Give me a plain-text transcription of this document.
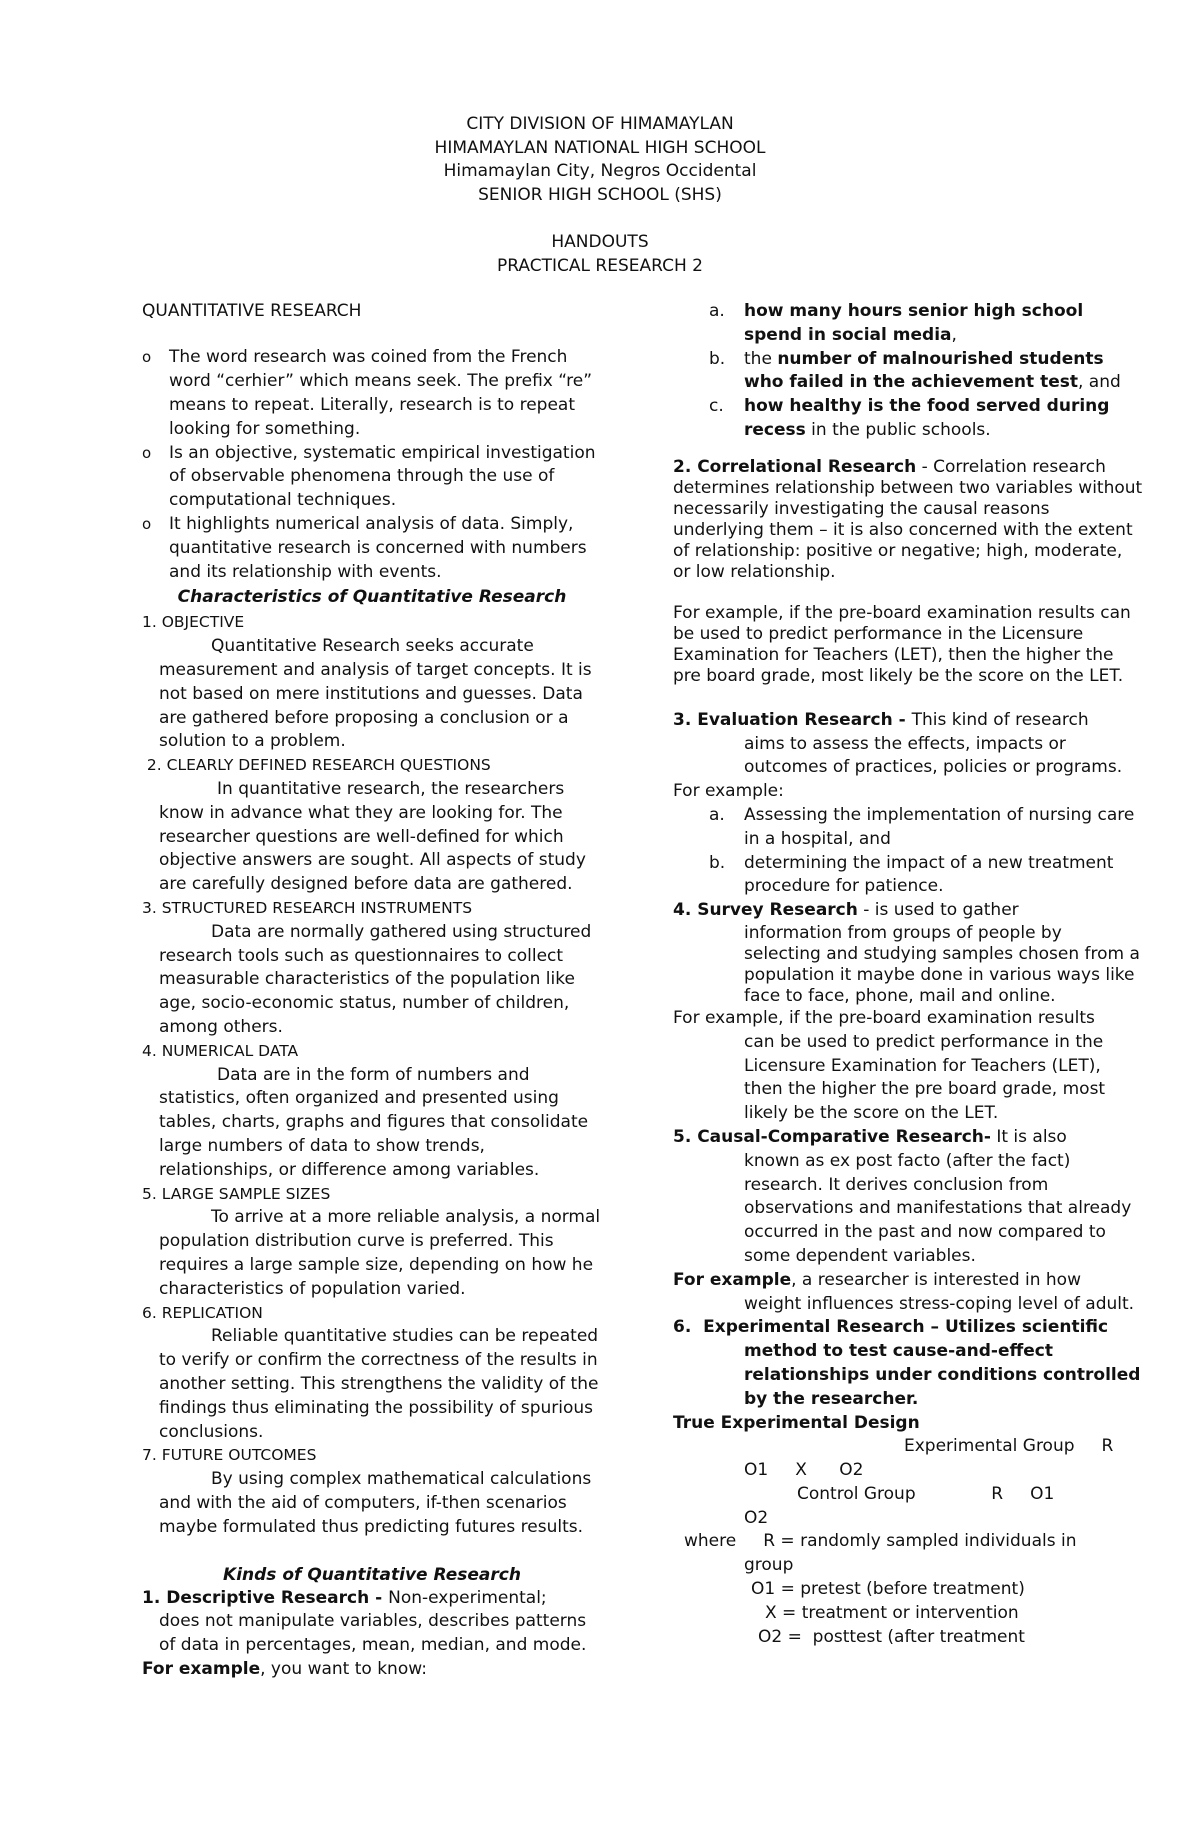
CITY DIVISION OF HIMAMAYLAN
HIMAMAYLAN NATIONAL HIGH SCHOOL
Himamaylan City, Negros Occidental
SENIOR HIGH SCHOOL (SHS)
HANDOUTS
PRACTICAL RESEARCH 2

QUANTITATIVE RESEARCH

o The word research was coined from the French word “cerhier” which means seek. The prefix “re” means to repeat. Literally, research is to repeat looking for something.
o Is an objective, systematic empirical investigation of observable phenomena through the use of computational techniques.
o It highlights numerical analysis of data. Simply, quantitative research is concerned with numbers and its relationship with events.
Characteristics of Quantitative Research
1. OBJECTIVE
Quantitative Research seeks accurate measurement and analysis of target concepts. It is not based on mere institutions and guesses. Data are gathered before proposing a conclusion or a solution to a problem.
2. CLEARLY DEFINED RESEARCH QUESTIONS
In quantitative research, the researchers know in advance what they are looking for. The researcher questions are well-defined for which objective answers are sought. All aspects of study are carefully designed before data are gathered.
3. STRUCTURED RESEARCH INSTRUMENTS
Data are normally gathered using structured research tools such as questionnaires to collect measurable characteristics of the population like age, socio-economic status, number of children, among others.
4. NUMERICAL DATA
Data are in the form of numbers and statistics, often organized and presented using tables, charts, graphs and figures that consolidate large numbers of data to show trends, relationships, or difference among variables.
5. LARGE SAMPLE SIZES
To arrive at a more reliable analysis, a normal population distribution curve is preferred. This requires a large sample size, depending on how he characteristics of population varied.
6. REPLICATION
Reliable quantitative studies can be repeated to verify or confirm the correctness of the results in another setting. This strengthens the validity of the findings thus eliminating the possibility of spurious conclusions.
7. FUTURE OUTCOMES
By using complex mathematical calculations and with the aid of computers, if-then scenarios maybe formulated thus predicting futures results.
Kinds of Quantitative Research
1. Descriptive Research - Non-experimental;
does not manipulate variables, describes patterns of data in percentages, mean, median, and mode.
For example, you want to know:
a. how many hours senior high school spend in social media,
b. the number of malnourished students who failed in the achievement test, and
c. how healthy is the food served during recess in the public schools.

2. Correlational Research - Correlation research determines relationship between two variables without necessarily investigating the causal reasons underlying them – it is also concerned with the extent of relationship: positive or negative; high, moderate, or low relationship.

For example, if the pre-board examination results can be used to predict performance in the Licensure Examination for Teachers (LET), then the higher the pre board grade, most likely be the score on the LET.

3. Evaluation Research - This kind of research
aims to assess the effects, impacts or outcomes of practices, policies or programs.
For example:
a. Assessing the implementation of nursing care in a hospital, and
b. determining the impact of a new treatment procedure for patience.
4. Survey Research - is used to gather
information from groups of people by selecting and studying samples chosen from a population it maybe done in various ways like face to face, phone, mail and online.
For example, if the pre-board examination results
can be used to predict performance in the Licensure Examination for Teachers (LET), then the higher the pre board grade, most likely be the score on the LET.
5. Causal-Comparative Research- It is also
known as ex post facto (after the fact) research. It derives conclusion from observations and manifestations that already occurred in the past and now compared to some dependent variables.
For example, a researcher is interested in how
weight influences stress-coping level of adult.
6.  Experimental Research – Utilizes scientific
method to test cause-and-effect relationships under conditions controlled by the researcher.
True Experimental Design
Experimental Group     R
O1     X      O2
Control Group              R     O1
O2
where R = randomly sampled individuals in
group
O1 = pretest (before treatment)
X = treatment or intervention
O2 =  posttest (after treatment
